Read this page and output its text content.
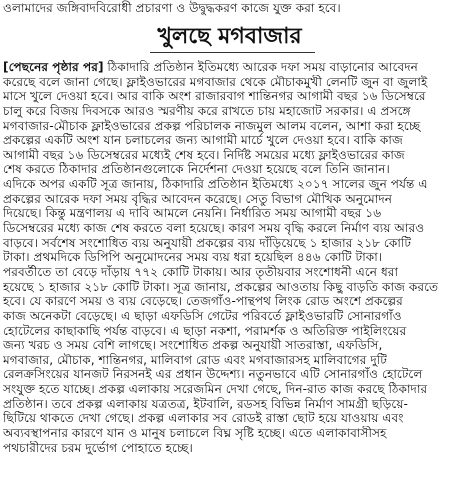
ওলামাদের জঙ্গিবাদবিরোধী প্রচারণা ও উদ্বুদ্ধকরণ কাজে যুক্ত করা হবে।
খুলছে মগবাজার
[পেছনের পৃষ্ঠার পর] ঠিকাদারি প্রতিষ্ঠান ইতিমধ্যে আরেক দফা সময় বাড়ানোর আবেদন
করেছে বলে জানা গেছে। ফ্লাইওভারের মগবাজার থেকে মৌচাকমুখী লেনটি জুন বা জুলাই
মাসে খুলে দেওয়া হবে। আর বাকি অংশ রাজারবাগ শান্তিনগর আগামী বছর ১৬ ডিসেম্বরে
চালু করে বিজয় দিবসকে আরও স্মরণীয় করে রাখতে চায় মহাজোট সরকার। এ প্রসঙ্গে
মগবাজার-মৌচাক ফ্লাইওভারের প্রকল্প পরিচালক নাজমুল আলম বলেন, আশা করা হচ্ছে
প্রকল্পের একটি অংশ যান চলাচলের জন্য আগামী মার্চে খুলে দেওয়া হবে। বাকি কাজ
আগামী বছর ১৬ ডিসেম্বরের মধ্যেই শেষ হবে। নির্দিষ্ট সময়ের মধ্যে ফ্লাইওভারের কাজ
শেষ করতে ঠিকাদার প্রতিষ্ঠানগুলোকে নির্দেশনা দেওয়া হয়েছে বলে তিনি জানান।
এদিকে অপর একটি সূত্র জানায়, ঠিকাদারি প্রতিষ্ঠান ইতিমধ্যে ২০১৭ সালের জুন পর্যন্ত এ
প্রকল্পের আরেক দফা সময় বৃদ্ধির আবেদন করেছে। সেতু বিভাগ মৌখিক অনুমোদন
দিয়েছে। কিন্তু মন্ত্রণালয় এ দাবি আমলে নেয়নি। নির্ধারিত সময় আগামী বছর ১৬
ডিসেম্বরের মধ্যে কাজ শেষ করতে বলা হয়েছে। কারণ সময় বৃদ্ধি করলে নির্মাণ ব্যয় আরও
বাড়বে। সর্বশেষ সংশোধিত ব্যয় অনুযায়ী প্রকল্পের ব্যয় দাঁড়িয়েছে ১ হাজার ২১৮ কোটি
টাকা। প্রথমদিকে ডিপিপি অনুমোদনের সময় ব্যয় ধরা হয়েছিল ৪৪৬ কোটি টাকা।
পরবর্তীতে তা বেড়ে দাঁড়ায় ৭৭২ কোটি টাকায়। আর তৃতীয়বার সংশোধনী এনে ধরা
হয়েছে ১ হাজার ২১৮ কোটি টাকা। সূত্র জানায়, প্রকল্পের আওতায় কিছু বাড়তি কাজ করতে
হবে। যে কারণে সময় ও ব্যয় বেড়েছে। তেজগাঁও-পান্থপথ লিংক রোড অংশে প্রকল্পের
কাজ অনেকটা বেড়েছে। এ ছাড়া এফডিসি গেটের পরিবর্তে ফ্লাইওভারটি সোনারগাঁও
হোটেলের কাছাকাছি পর্যন্ত বাড়বে। এ ছাড়া নকশা, পরামর্শক ও অতিরিক্ত পাইলিংয়ের
জন্য খরচ ও সময় বেশি লাগছে। সংশোধিত প্রকল্প অনুযায়ী সাতরাস্তা, এফডিসি,
মগবাজার, মৌচাক, শান্তিনগর, মালিবাগ রোড এবং মগবাজারসহ মালিবাগের দুটি
রেলক্রসিংয়ের যানজট নিরসনই এর প্রধান উদ্দেশ্য। নতুনভাবে এটি সোনারগাঁও হোটেলে
সংযুক্ত হতে যাচ্ছে। প্রকল্প এলাকায় সরেজমিন দেখা গেছে, দিন-রাত কাজ করছে ঠিকাদার
প্রতিষ্ঠান। তবে প্রকল্প এলাকায় যত্রতত্র, ইটবালি, রডসহ বিভিন্ন নির্মাণ সামগ্রী ছড়িয়ে-
ছিটিয়ে থাকতে দেখা গেছে। প্রকল্প এলাকার সব রোডই রাস্তা ছোট হয়ে যাওয়ায় এবং
অব্যবস্থাপনার কারণে যান ও মানুষ চলাচলে বিঘ্ন সৃষ্টি হচ্ছে। এতে এলাকাবাসীসহ
পথচারীদের চরম দুর্ভোগ পোহাতে হচ্ছে।
